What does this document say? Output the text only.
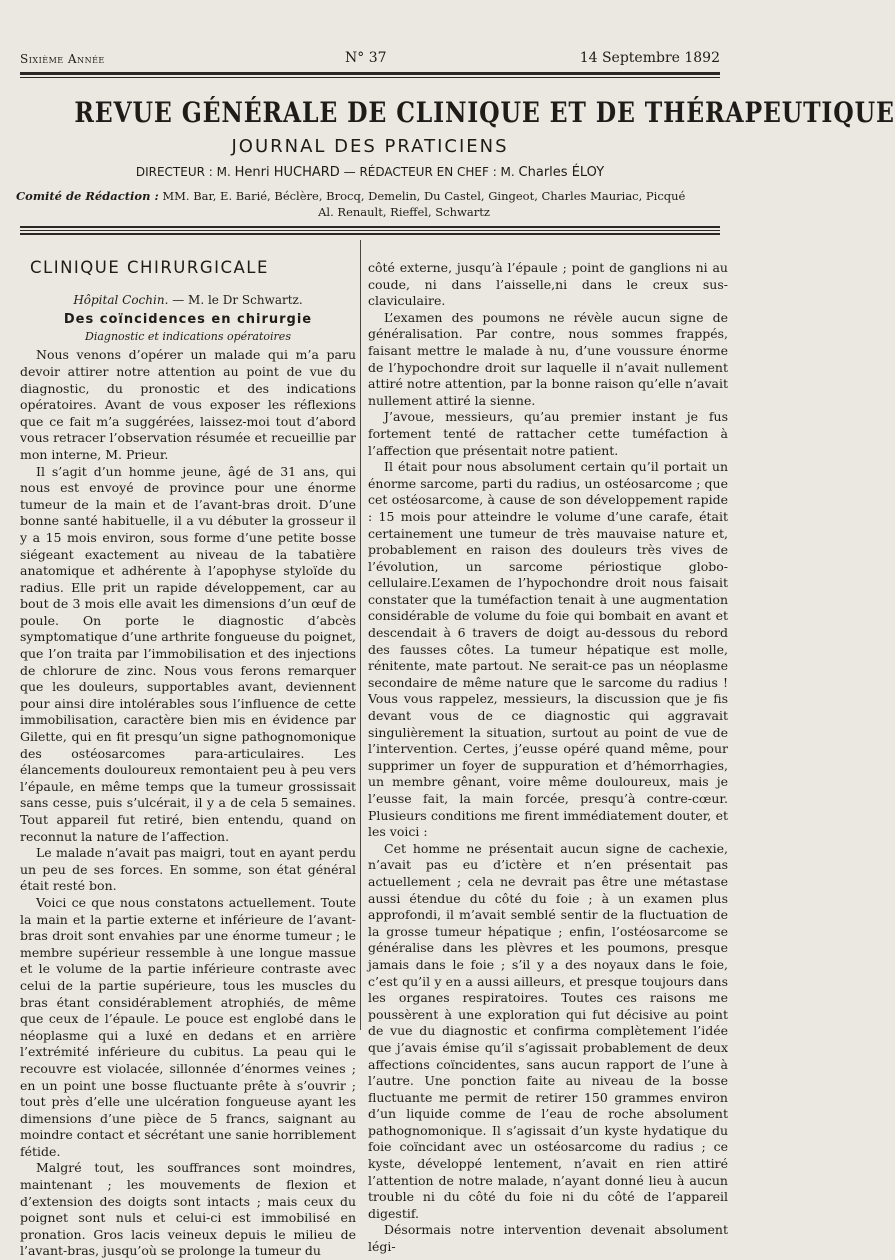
Sixième Année	N° 37	14 Septembre 1892
REVUE GÉNÉRALE DE CLINIQUE ET DE THÉRAPEUTIQUE
JOURNAL DES PRATICIENS
DIRECTEUR : M. Henri HUCHARD — RÉDACTEUR EN CHEF : M. Charles ÉLOY
Comité de Rédaction : MM. Bar, E. Barié, Béclère, Brocq, Demelin, Du Castel, Gingeot, Charles Mauriac, Picqué
Al. Renault, Rieffel, Schwartz
CLINIQUE CHIRURGICALE
Hôpital Cochin. — M. le Dr Schwartz.
Des coïncidences en chirurgie
Diagnostic et indications opératoires

Nous venons d’opérer un malade qui m’a paru devoir attirer notre attention au point de vue du diagnostic, du pronostic et des indications opératoires. Avant de vous exposer les réflexions que ce fait m’a suggérées, laissez-moi tout d’abord vous retracer l’observation résumée et recueillie par mon interne, M. Prieur.

Il s’agit d’un homme jeune, âgé de 31 ans, qui nous est envoyé de province pour une énorme tumeur de la main et de l’avant-bras droit. D’une bonne santé habituelle, il a vu débuter la grosseur il y a 15 mois environ, sous forme d’une petite bosse siégeant exactement au niveau de la tabatière anatomique et adhérente à l’apophyse styloïde du radius. Elle prit un rapide développement, car au bout de 3 mois elle avait les dimensions d’un œuf de poule. On porte le diagnostic d’abcès symptomatique d’une arthrite fongueuse du poignet, que l’on traita par l’immobilisation et des injections de chlorure de zinc. Nous vous ferons remarquer que les douleurs, supportables avant, deviennent pour ainsi dire intolérables sous l’influence de cette immobilisation, caractère bien mis en évidence par Gilette, qui en fit presqu’un signe pathognomonique des ostéosarcomes para-articulaires. Les élancements douloureux remontaient peu à peu vers l’épaule, en même temps que la tumeur grossissait sans cesse, puis s’ulcérait, il y a de cela 5 semaines. Tout appareil fut retiré, bien entendu, quand on reconnut la nature de l’affection.

Le malade n’avait pas maigri, tout en ayant perdu un peu de ses forces. En somme, son état général était resté bon.

Voici ce que nous constatons actuellement. Toute la main et la partie externe et inférieure de l’avant-bras droit sont envahies par une énorme tumeur ; le membre supérieur ressemble à une longue massue et le volume de la partie inférieure contraste avec celui de la partie supérieure, tous les muscles du bras étant considérablement atrophiés, de même que ceux de l’épaule. Le pouce est englobé dans le néoplasme qui a luxé en dedans et en arrière l’extrémité inférieure du cubitus. La peau qui le recouvre est violacée, sillonnée d’énormes veines ; en un point une bosse fluctuante prête à s’ouvrir ; tout près d’elle une ulcération fongueuse ayant les dimensions d’une pièce de 5 francs, saignant au moindre contact et sécrétant une sanie horriblement fétide.

Malgré tout, les souffrances sont moindres, maintenant ; les mouvements de flexion et d’extension des doigts sont intacts ; mais ceux du poignet sont nuls et celui-ci est immobilisé en pronation. Gros lacis veineux depuis le milieu de l’avant-bras, jusqu’où se prolonge la tumeur du

côté externe, jusqu’à l’épaule ; point de ganglions ni au coude, ni dans l’aisselle,ni dans le creux sus-claviculaire.

L’examen des poumons ne révèle aucun signe de généralisation. Par contre, nous sommes frappés, faisant mettre le malade à nu, d’une voussure énorme de l’hypochondre droit sur laquelle il n’avait nullement attiré notre attention, par la bonne raison qu’elle n’avait nullement attiré la sienne.

J’avoue, messieurs, qu’au premier instant je fus fortement tenté de rattacher cette tuméfaction à l’affection que présentait notre patient.

Il était pour nous absolument certain qu’il portait un énorme sarcome, parti du radius, un ostéosarcome ; que cet ostéosarcome, à cause de son développement rapide : 15 mois pour atteindre le volume d’une carafe, était certainement une tumeur de très mauvaise nature et, probablement en raison des douleurs très vives de l’évolution, un sarcome périostique globo-cellulaire.L’examen de l’hypochondre droit nous faisait constater que la tuméfaction tenait à une augmentation considérable de volume du foie qui bombait en avant et descendait à 6 travers de doigt au-dessous du rebord des fausses côtes. La tumeur hépatique est molle, rénitente, mate partout. Ne serait-ce pas un néoplasme secondaire de même nature que le sarcome du radius ! Vous vous rappelez, messieurs, la discussion que je fis devant vous de ce diagnostic qui aggravait singulièrement la situation, surtout au point de vue de l’intervention. Certes, j’eusse opéré quand même, pour supprimer un foyer de suppuration et d’hémorrhagies, un membre gênant, voire même douloureux, mais je l’eusse fait, la main forcée, presqu’à contre-cœur. Plusieurs conditions me firent immédiatement douter, et les voici :

Cet homme ne présentait aucun signe de cachexie, n’avait pas eu d’ictère et n’en présentait pas actuellement ; cela ne devrait pas être une métastase aussi étendue du côté du foie ; à un examen plus approfondi, il m’avait semblé sentir de la fluctuation de la grosse tumeur hépatique ; enfin, l’ostéosarcome se généralise dans les plèvres et les poumons, presque jamais dans le foie ; s’il y a des noyaux dans le foie, c’est qu’il y en a aussi ailleurs, et presque toujours dans les organes respiratoires. Toutes ces raisons me poussèrent à une exploration qui fut décisive au point de vue du diagnostic et confirma complètement l’idée que j’avais émise qu’il s’agissait probablement de deux affections coïncidentes, sans aucun rapport de l’une à l’autre. Une ponction faite au niveau de la bosse fluctuante me permit de retirer 150 grammes environ d’un liquide comme de l’eau de roche absolument pathognomonique. Il s’agissait d’un kyste hydatique du foie coïncidant avec un ostéosarcome du radius ; ce kyste, développé lentement, n’avait en rien attiré l’attention de notre malade, n’ayant donné lieu à aucun trouble ni du côté du foie ni du côté de l’appareil digestif.

Désormais notre intervention devenait absolument légi-
